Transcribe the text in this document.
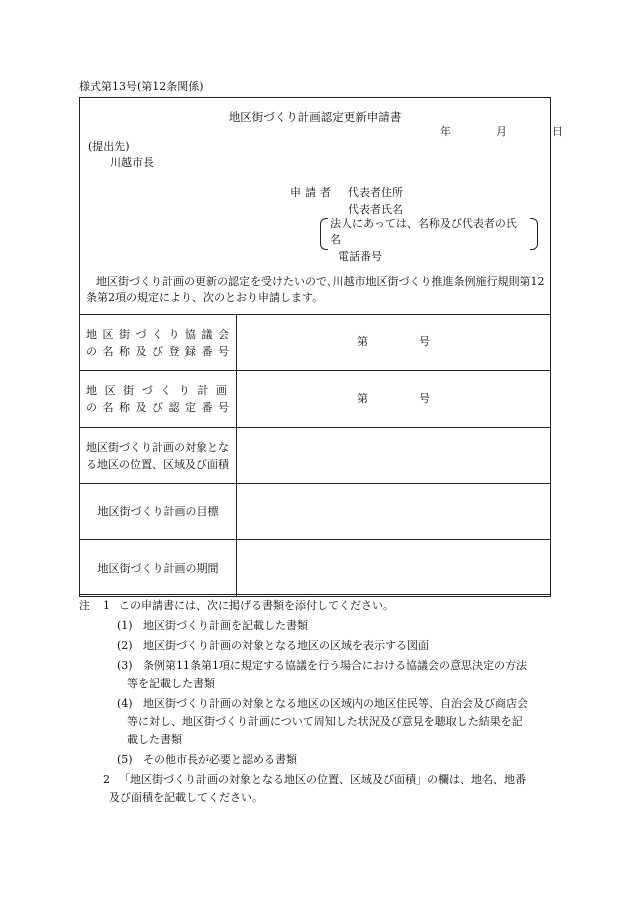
様式第13号(第12条関係)
地区街づくり計画認定更新申請書
年	月	日
(提出先)
川越市長
申請者 代表者住所
代表者氏名
法人にあっては、名称及び代表者の氏
名
電話番号
地区街づくり計画の更新の認定を受けたいので､川越市地区街づくり推進条例施行規則第12条第2項の規定により、次のとおり申請します。
地区街づくり協議会
の名称及び登録番号	第 号

地区街づくり計画
の名称及び認定番号	第 号
地区街づくり計画の対象となる地区の位置、区域及び面積	
地区街づくり計画の目標	
地区街づくり計画の期間	
注 1 この申請書には、次に掲げる書類を添付してください。
(1) 地区街づくり計画を記載した書類
(2) 地区街づくり計画の対象となる地区の区域を表示する図面
(3) 条例第11条第1項に規定する協議を行う場合における協議会の意思決定の方法
等を記載した書類
(4) 地区街づくり計画の対象となる地区の区域内の地区住民等、自治会及び商店会
等に対し、地区街づくり計画について周知した状況及び意見を聴取した結果を記
載した書類
(5) その他市長が必要と認める書類
2 「地区街づくり計画の対象となる地区の位置、区域及び面積」の欄は、地名、地番
及び面積を記載してください。
